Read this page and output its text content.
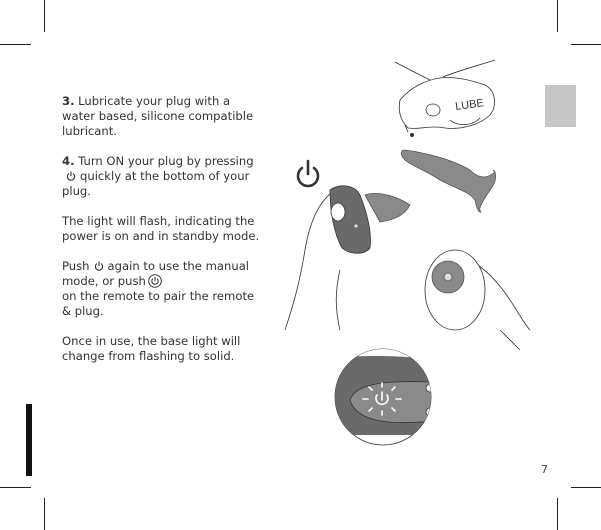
3. Lubricate your plug with a water based, silicone compatible lubricant.

4. Turn ON your plug by pressingquickly at the bottom of your plug.

The light will flash, indicating the power is on and in standby mode.

Push again to use the manual mode, or push
on the remote to pair the remote & plug.

Once in use, the base light will change from flashing to solid.

LUBE
7
